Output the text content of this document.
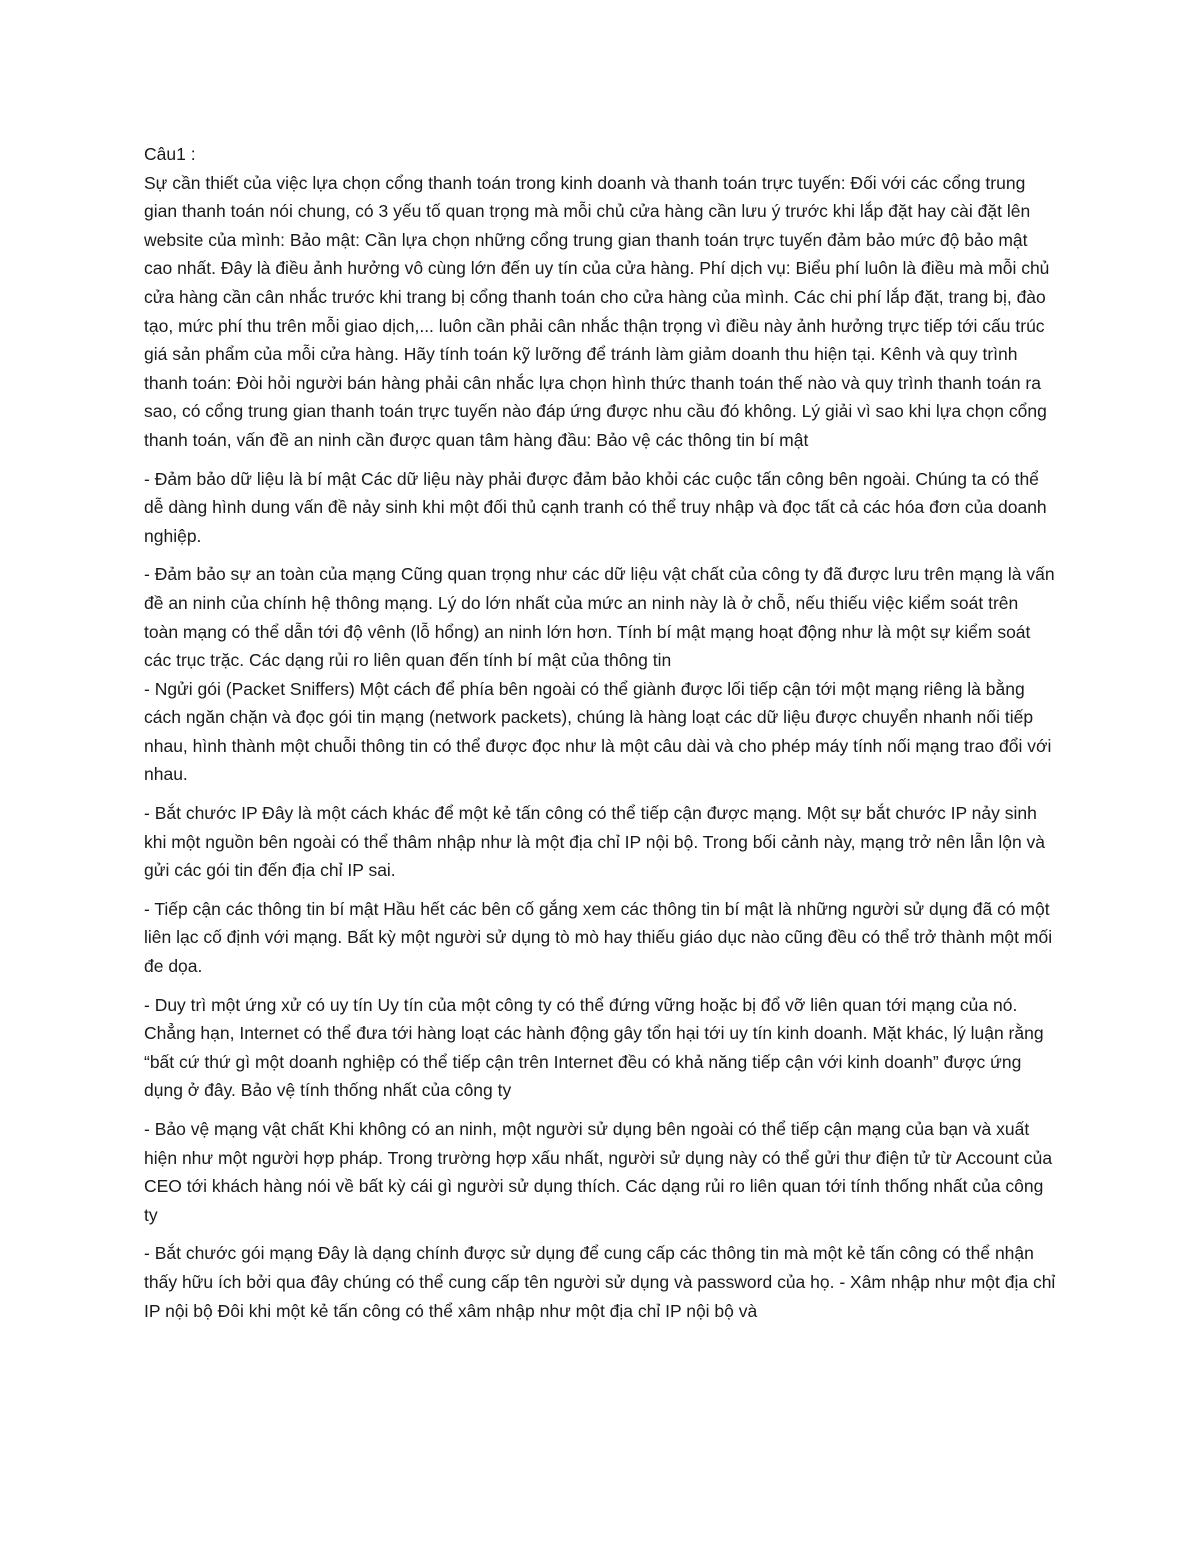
Câu1 :

Sự cần thiết của việc lựa chọn cổng thanh toán trong kinh doanh và thanh toán trực tuyến: Đối với các cổng trung gian thanh toán nói chung, có 3 yếu tố quan trọng mà mỗi chủ cửa hàng cần lưu ý trước khi lắp đặt hay cài đặt lên website của mình: Bảo mật: Cần lựa chọn những cổng trung gian thanh toán trực tuyến đảm bảo mức độ bảo mật cao nhất. Đây là điều ảnh hưởng vô cùng lớn đến uy tín của cửa hàng. Phí dịch vụ: Biểu phí luôn là điều mà mỗi chủ cửa hàng cần cân nhắc trước khi trang bị cổng thanh toán cho cửa hàng của mình. Các chi phí lắp đặt, trang bị, đào tạo, mức phí thu trên mỗi giao dịch,... luôn cần phải cân nhắc thận trọng vì điều này ảnh hưởng trực tiếp tới cấu trúc giá sản phẩm của mỗi cửa hàng. Hãy tính toán kỹ lưỡng để tránh làm giảm doanh thu hiện tại. Kênh và quy trình thanh toán: Đòi hỏi người bán hàng phải cân nhắc lựa chọn hình thức thanh toán thế nào và quy trình thanh toán ra sao, có cổng trung gian thanh toán trực tuyến nào đáp ứng được nhu cầu đó không. Lý giải vì sao khi lựa chọn cổng thanh toán, vấn đề an ninh cần được quan tâm hàng đầu: Bảo vệ các thông tin bí mật

- Đảm bảo dữ liệu là bí mật Các dữ liệu này phải được đảm bảo khỏi các cuộc tấn công bên ngoài. Chúng ta có thể dễ dàng hình dung vấn đề nảy sinh khi một đối thủ cạnh tranh có thể truy nhập và đọc tất cả các hóa đơn của doanh nghiệp.

- Đảm bảo sự an toàn của mạng Cũng quan trọng như các dữ liệu vật chất của công ty đã được lưu trên mạng là vấn đề an ninh của chính hệ thông mạng. Lý do lớn nhất của mức an ninh này là ở chỗ, nếu thiếu việc kiểm soát trên toàn mạng có thể dẫn tới độ vênh (lỗ hổng) an ninh lớn hơn. Tính bí mật mạng hoạt động như là một sự kiểm soát các trục trặc. Các dạng rủi ro liên quan đến tính bí mật của thông tin

- Ngửi gói (Packet Sniffers) Một cách để phía bên ngoài có thể giành được lối tiếp cận tới một mạng riêng là bằng cách ngăn chặn và đọc gói tin mạng (network packets), chúng là hàng loạt các dữ liệu được chuyển nhanh nối tiếp nhau, hình thành một chuỗi thông tin có thể được đọc như là một câu dài và cho phép máy tính nối mạng trao đổi với nhau.

- Bắt chước IP Đây là một cách khác để một kẻ tấn công có thể tiếp cận được mạng. Một sự bắt chước IP nảy sinh khi một nguồn bên ngoài có thể thâm nhập như là một địa chỉ IP nội bộ. Trong bối cảnh này, mạng trở nên lẫn lộn và gửi các gói tin đến địa chỉ IP sai.

- Tiếp cận các thông tin bí mật Hầu hết các bên cố gắng xem các thông tin bí mật là những người sử dụng đã có một liên lạc cố định với mạng. Bất kỳ một người sử dụng tò mò hay thiếu giáo dục nào cũng đều có thể trở thành một mối đe dọa.

- Duy trì một ứng xử có uy tín Uy tín của một công ty có thể đứng vững hoặc bị đổ vỡ liên quan tới mạng của nó. Chẳng hạn, Internet có thể đưa tới hàng loạt các hành động gây tổn hại tới uy tín kinh doanh. Mặt khác, lý luận rằng “bất cứ thứ gì một doanh nghiệp có thể tiếp cận trên Internet đều có khả năng tiếp cận với kinh doanh” được ứng dụng ở đây. Bảo vệ tính thống nhất của công ty

- Bảo vệ mạng vật chất Khi không có an ninh, một người sử dụng bên ngoài có thể tiếp cận mạng của bạn và xuất hiện như một người hợp pháp. Trong trường hợp xấu nhất, người sử dụng này có thể gửi thư điện tử từ Account của CEO tới khách hàng nói về bất kỳ cái gì người sử dụng thích. Các dạng rủi ro liên quan tới tính thống nhất của công ty

- Bắt chước gói mạng Đây là dạng chính được sử dụng để cung cấp các thông tin mà một kẻ tấn công có thể nhận thấy hữu ích bởi qua đây chúng có thể cung cấp tên người sử dụng và password của họ. - Xâm nhập như một địa chỉ IP nội bộ Đôi khi một kẻ tấn công có thể xâm nhập như một địa chỉ IP nội bộ và
